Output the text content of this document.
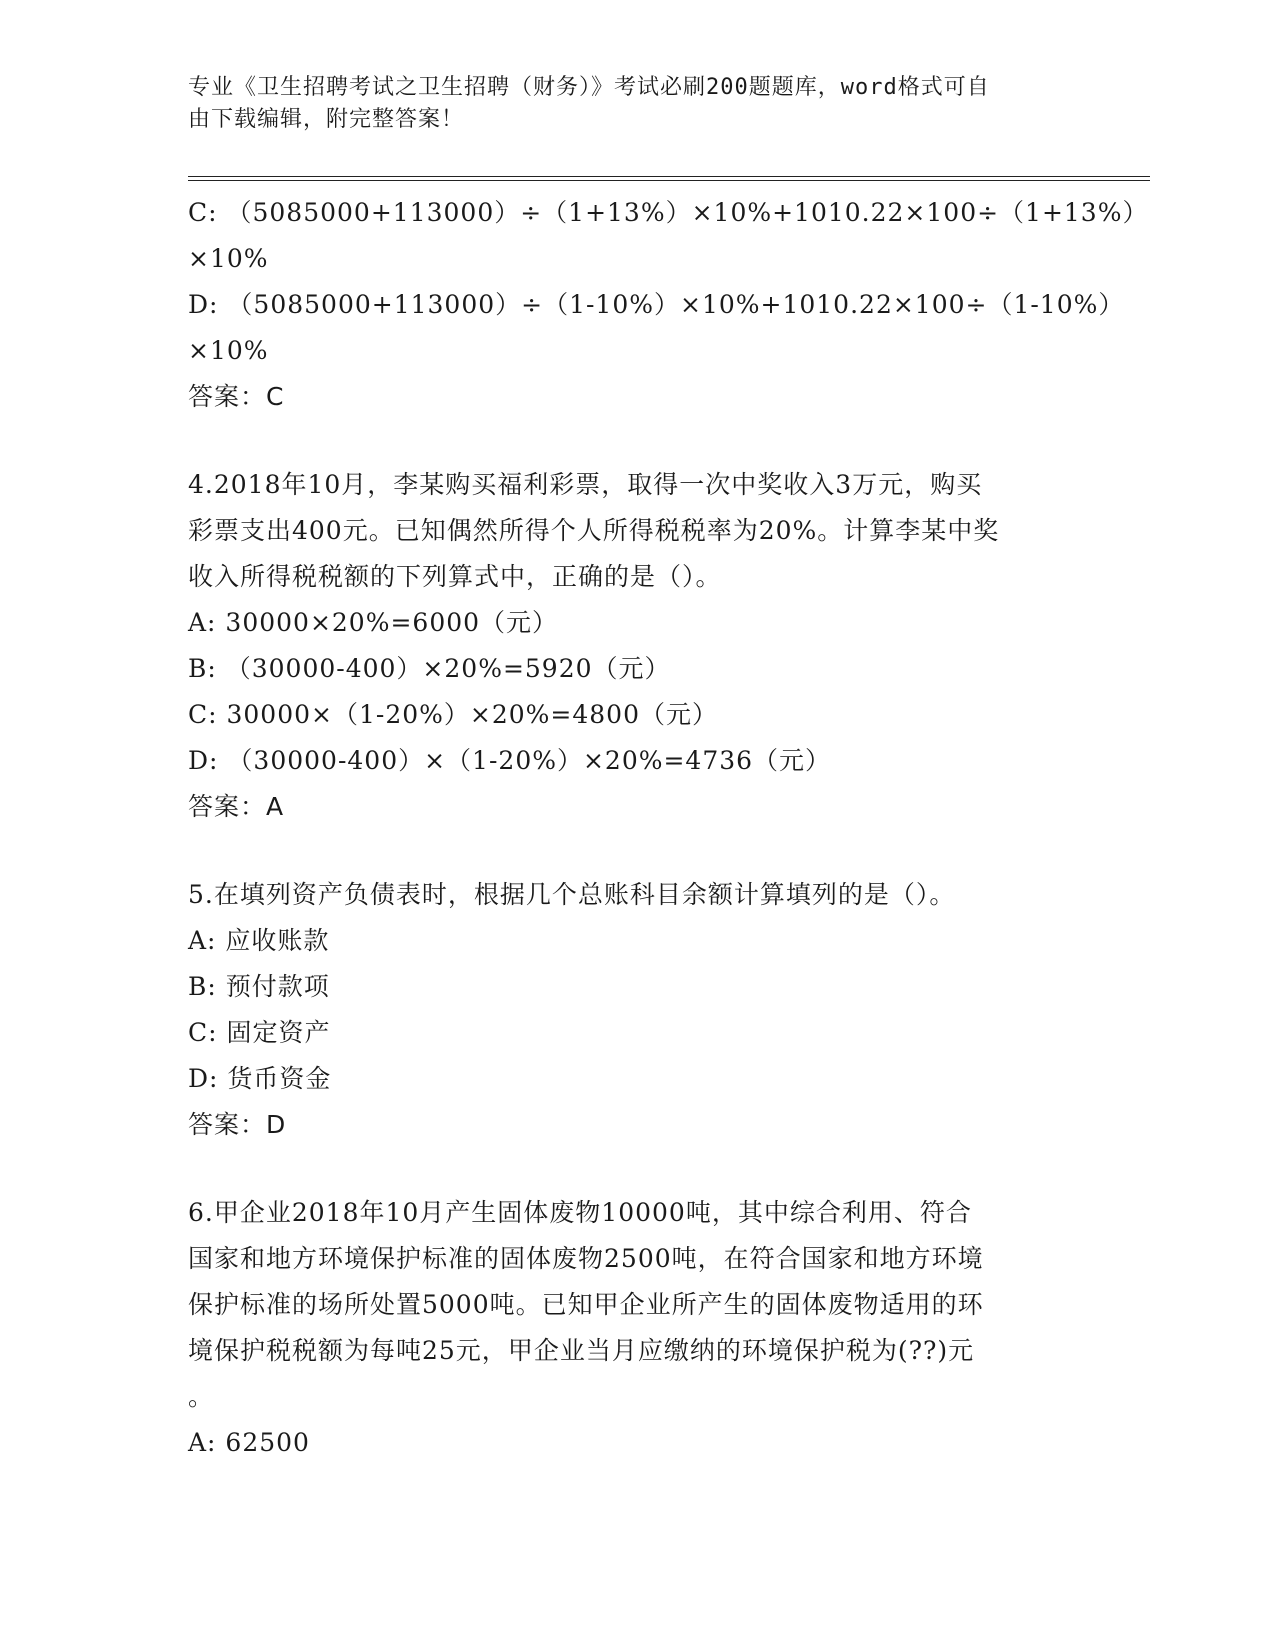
专业《卫生招聘考试之卫生招聘（财务）》考试必刷200题题库，word格式可自
由下载编辑，附完整答案！
C: （5085000+113000）÷（1+13%）×10%+1010.22×100÷（1+13%）
×10%
D: （5085000+113000）÷（1-10%）×10%+1010.22×100÷（1-10%）
×10%
答案：C
4.2018年10月，李某购买福利彩票，取得一次中奖收入3万元，购买
彩票支出400元。已知偶然所得个人所得税税率为20%。计算李某中奖
收入所得税税额的下列算式中，正确的是（）。
A: 30000×20%=6000（元）
B: （30000-400）×20%=5920（元）
C: 30000×（1-20%）×20%=4800（元）
D: （30000-400）×（1-20%）×20%=4736（元）
答案：A
5.在填列资产负债表时，根据几个总账科目余额计算填列的是（）。
A: 应收账款
B: 预付款项
C: 固定资产
D: 货币资金
答案：D
6.甲企业2018年10月产生固体废物10000吨，其中综合利用、符合
国家和地方环境保护标准的固体废物2500吨，在符合国家和地方环境
保护标准的场所处置5000吨。已知甲企业所产生的固体废物适用的环
境保护税税额为每吨25元，甲企业当月应缴纳的环境保护税为(??)元
。
A: 62500
